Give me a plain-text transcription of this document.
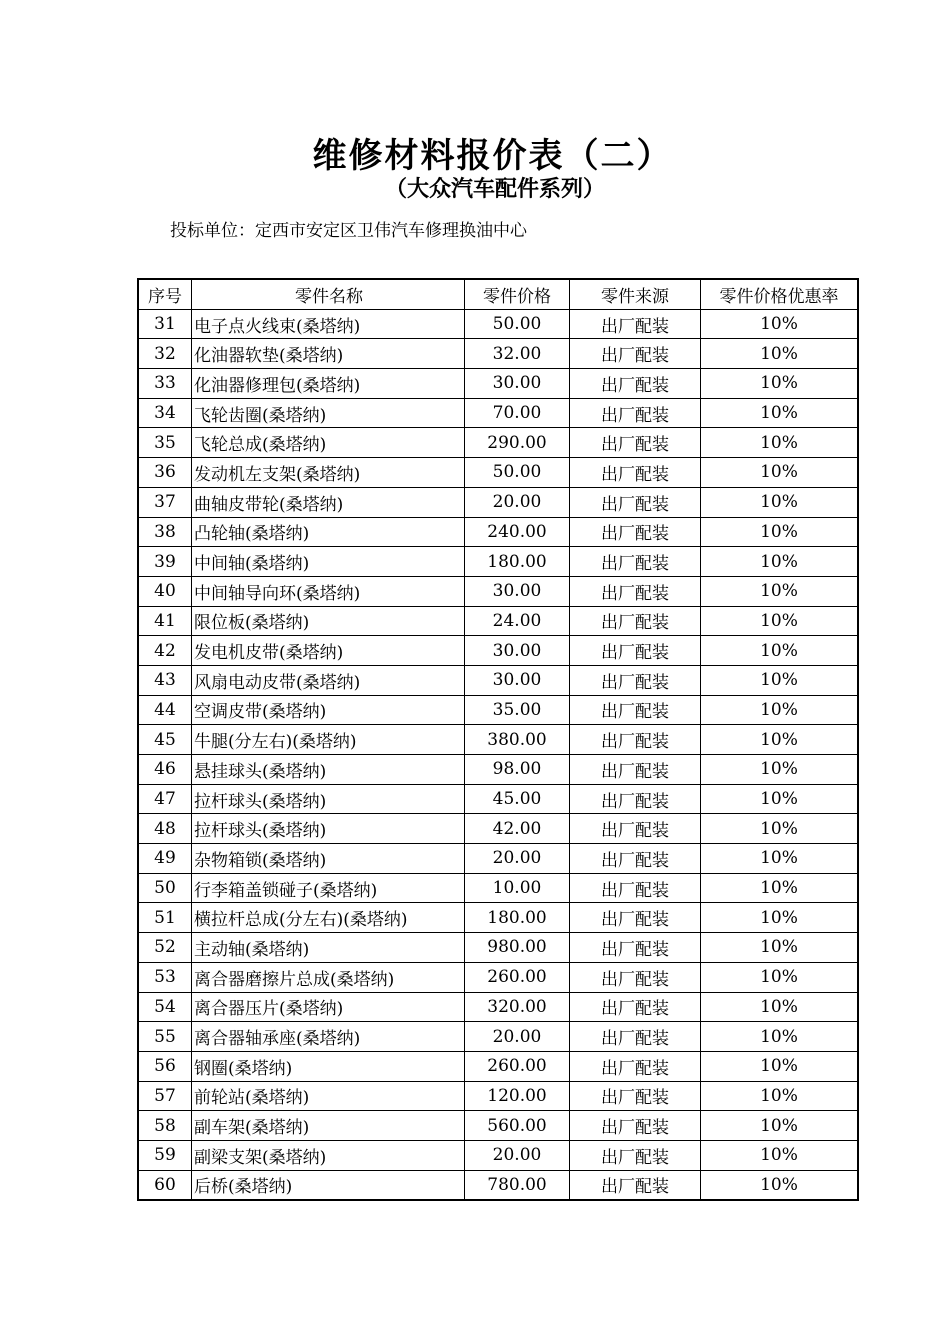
维修材料报价表（二）
（大众汽车配件系列）
投标单位：定西市安定区卫伟汽车修理换油中心
序号	零件名称	零件价格	零件来源	零件价格优惠率
31	电子点火线束(桑塔纳)	50.00	出厂配装	10%
32	化油器软垫(桑塔纳)	32.00	出厂配装	10%
33	化油器修理包(桑塔纳)	30.00	出厂配装	10%
34	飞轮齿圈(桑塔纳)	70.00	出厂配装	10%
35	飞轮总成(桑塔纳)	290.00	出厂配装	10%
36	发动机左支架(桑塔纳)	50.00	出厂配装	10%
37	曲轴皮带轮(桑塔纳)	20.00	出厂配装	10%
38	凸轮轴(桑塔纳)	240.00	出厂配装	10%
39	中间轴(桑塔纳)	180.00	出厂配装	10%
40	中间轴导向环(桑塔纳)	30.00	出厂配装	10%
41	限位板(桑塔纳)	24.00	出厂配装	10%
42	发电机皮带(桑塔纳)	30.00	出厂配装	10%
43	风扇电动皮带(桑塔纳)	30.00	出厂配装	10%
44	空调皮带(桑塔纳)	35.00	出厂配装	10%
45	牛腿(分左右)(桑塔纳)	380.00	出厂配装	10%
46	悬挂球头(桑塔纳)	98.00	出厂配装	10%
47	拉杆球头(桑塔纳)	45.00	出厂配装	10%
48	拉杆球头(桑塔纳)	42.00	出厂配装	10%
49	杂物箱锁(桑塔纳)	20.00	出厂配装	10%
50	行李箱盖锁碰子(桑塔纳)	10.00	出厂配装	10%
51	横拉杆总成(分左右)(桑塔纳)	180.00	出厂配装	10%
52	主动轴(桑塔纳)	980.00	出厂配装	10%
53	离合器磨擦片总成(桑塔纳)	260.00	出厂配装	10%
54	离合器压片(桑塔纳)	320.00	出厂配装	10%
55	离合器轴承座(桑塔纳)	20.00	出厂配装	10%
56	钢圈(桑塔纳)	260.00	出厂配装	10%
57	前轮站(桑塔纳)	120.00	出厂配装	10%
58	副车架(桑塔纳)	560.00	出厂配装	10%
59	副梁支架(桑塔纳)	20.00	出厂配装	10%
60	后桥(桑塔纳)	780.00	出厂配装	10%
